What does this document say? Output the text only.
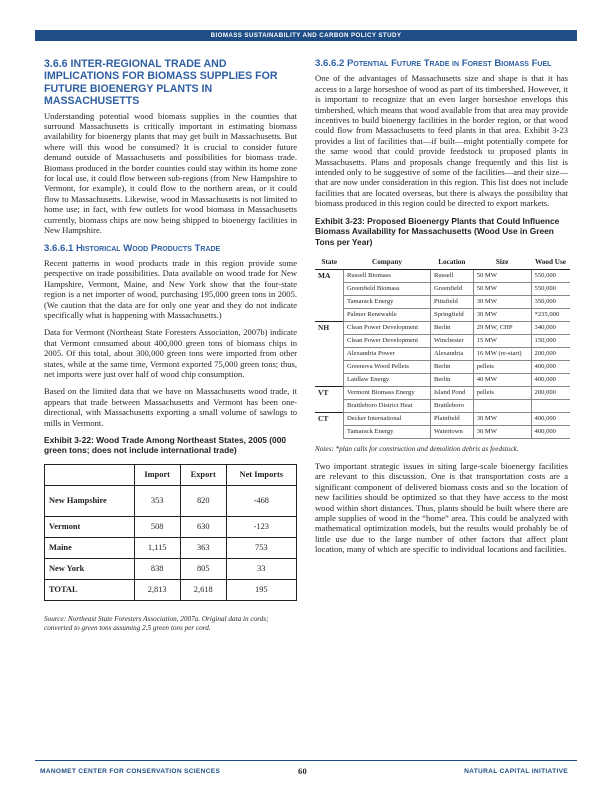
BIOMASS SUSTAINABILITY AND CARBON POLICY STUDY
3.6.6 INTER-REGIONAL TRADE AND IMPLICATIONS FOR BIOMASS SUPPLIES FOR FUTURE BIOENERGY PLANTS IN MASSACHUSETTS

Understanding potential wood biomass supplies in the counties that surround Massachusetts is critically important in estimating biomass availability for bioenergy plants that may get built in Massachusetts. But where will this wood be consumed? It is crucial to consider future demand outside of Massachusetts and possibilities for biomass trade. Biomass produced in the border counties could stay within its home zone for local use, it could flow between sub-regions (from New Hampshire to Vermont, for example), it could flow to the northern areas, or it could flow to Massachusetts. Likewise, wood in Massachusetts is not limited to home use; in fact, with few outlets for wood biomass in Massachusetts currently, biomass chips are now being shipped to bioenergy facilities in New Hampshire.

3.6.6.1 Historical Wood Products Trade

Recent patterns in wood products trade in this region provide some perspective on trade possibilities. Data available on wood trade for New Hampshire, Vermont, Maine, and New York show that the four-state region is a net importer of wood, purchasing 195,000 green tons in 2005. (We caution that the data are for only one year and they do not indicate specifically what is happening with Massachusetts.)

Data for Vermont (Northeast State Foresters Association, 2007b) indicate that Vermont consumed about 400,000 green tons of biomass chips in 2005. Of this total, about 300,000 green tons were imported from other states, while at the same time, Vermont exported 75,000 green tons; thus, net imports were just over half of wood chip consumption.

Based on the limited data that we have on Massachusetts wood trade, it appears that trade between Massachusetts and Vermont has been one-directional, with Massachusetts exporting a small volume of sawlogs to mills in Vermont.

Exhibit 3-22: Wood Trade Among Northeast States, 2005 (000 green tons; does not include international trade)
	Import	Export	Net Imports
New Hampshire	353	820	-468
Vermont	508	630	-123
Maine	1,115	363	753
New York	838	805	33
TOTAL	2,813	2,618	195
Source: Northeast State Foresters Association, 2007a. Original data in cords; converted to green tons assuming 2.5 green tons per cord.
3.6.6.2 Potential Future Trade in Forest Biomass Fuel

One of the advantages of Massachusetts size and shape is that it has access to a large horseshoe of wood as part of its timbershed. However, it is important to recognize that an even larger horseshoe envelops this timbershed, which means that wood available from that area may provide incentives to build bioenergy facilities in the border region, or that wood could flow from Massachusetts to feed plants in that area. Exhibit 3-23 provides a list of facilities that—if built—might potentially compete for the same wood that could provide feedstock to proposed plants in Massachusetts. Plans and proposals change frequently and this list is intended only to be suggestive of some of the facilities—and their size—that are now under consideration in this region. This list does not include facilities that are located overseas, but there is always the possibility that biomass produced in this region could be directed to export markets.

Exhibit 3-23: Proposed Bioenergy Plants that Could Influence Biomass Availability for Massachusetts (Wood Use in Green Tons per Year)
State	Company	Location	Size	Wood Use
MA	Russell Biomass	Russell	50 MW	550,000
	Greenfield Biomass	Greenfield	50 MW	550,000
	Tamarack Energy	Pittsfield	30 MW	350,000
	Palmer Renewable	Springfield	30 MW	*235,000
NH	Clean Power Development	Berlin	29 MW, CHP	340,000
	Clean Power Development	Winchester	15 MW	150,000
	Alexandria Power	Alexandria	16 MW (re-start)	200,000
	Greenova Wood Pellets	Berlin	pellets	400,000
	Laidlaw Energy	Berlin	40 MW	400,000
VT	Vermont Biomass Energy	Island Pond	pellets	200,000
	Brattleboro District Heat	Brattleboro		
CT	Decker International	Plainfield	30 MW	400,000
	Tamarack Energy	Watertown	30 MW	400,000
Notes: *plan calls for construction and demolition debris as feedstock.

Two important strategic issues in siting large-scale bioenergy facilities are relevant to this discussion. One is that transportation costs are a significant component of delivered biomass costs and so the location of new facilities should be optimized so that they have access to the most wood within short distances. Thus, plants should be built where there are ample supplies of wood in the “home” area. This could be analyzed with mathematical optimization models, but the results would probably be of little use due to the large number of other factors that affect plant location, many of which are specific to individual locations and facilities.

MANOMET CENTER FOR CONSERVATION SCIENCES	60	NATURAL CAPITAL INITIATIVE
